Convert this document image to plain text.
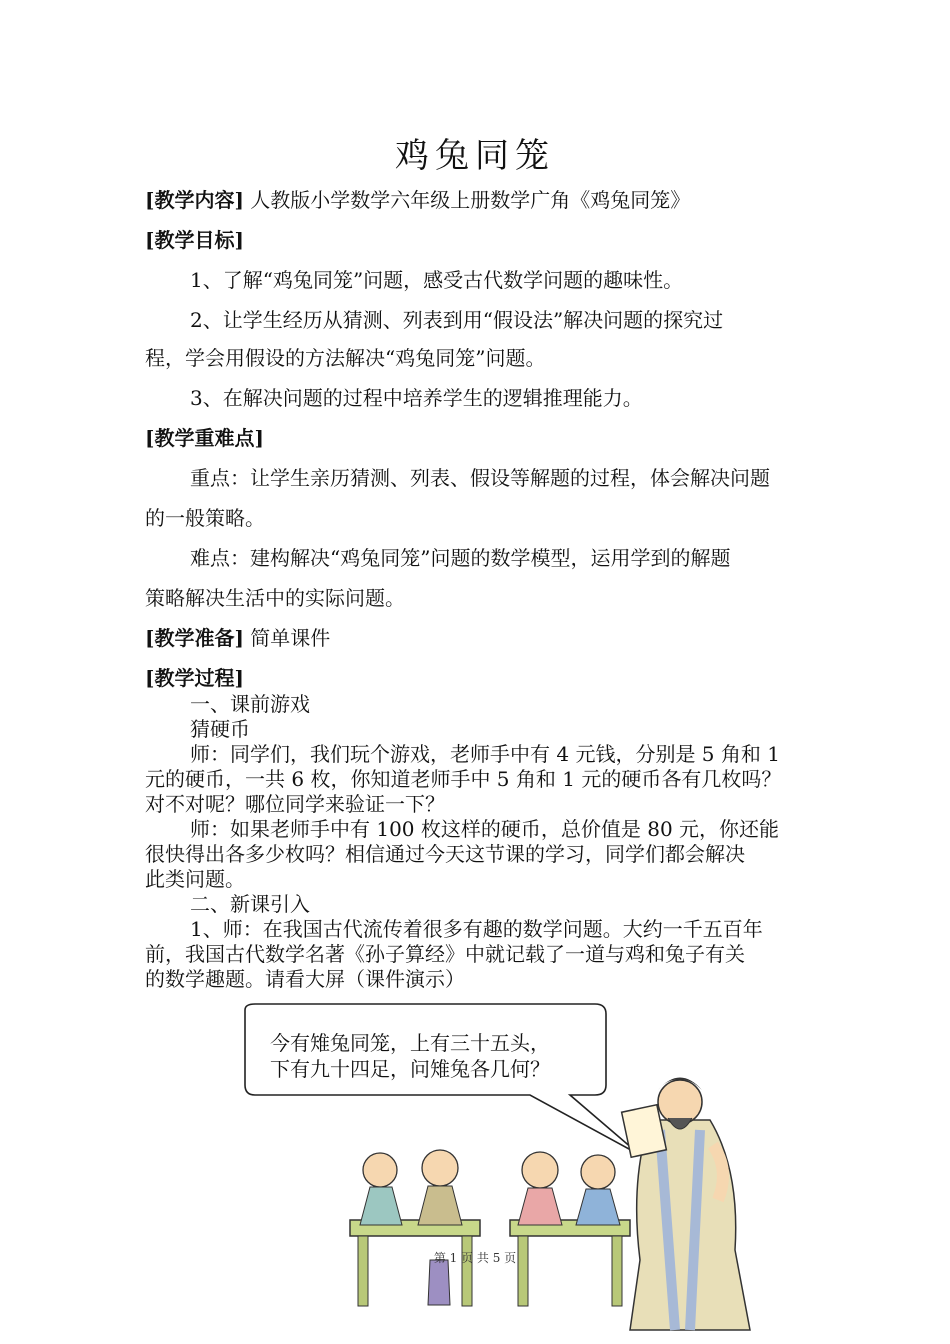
鸡兔同笼
[教学内容] 人教版小学数学六年级上册数学广角《鸡兔同笼》
[教学目标]
1、了解“鸡兔同笼”问题，感受古代数学问题的趣味性。
2、让学生经历从猜测、列表到用“假设法”解决问题的探究过
程，学会用假设的方法解决“鸡兔同笼”问题。
3、在解决问题的过程中培养学生的逻辑推理能力。
[教学重难点]
重点：让学生亲历猜测、列表、假设等解题的过程，体会解决问题
的一般策略。
难点：建构解决“鸡兔同笼”问题的数学模型，运用学到的解题
策略解决生活中的实际问题。
[教学准备] 简单课件
[教学过程]
一、课前游戏
猜硬币
师：同学们，我们玩个游戏，老师手中有 4 元钱，分别是 5 角和 1
元的硬币，一共 6 枚，你知道老师手中 5 角和 1 元的硬币各有几枚吗？
对不对呢？哪位同学来验证一下？
师：如果老师手中有 100 枚这样的硬币，总价值是 80 元，你还能
很快得出各多少枚吗？相信通过今天这节课的学习，同学们都会解决
此类问题。
二、新课引入
1、师：在我国古代流传着很多有趣的数学问题。大约一千五百年
前，我国古代数学名著《孙子算经》中就记载了一道与鸡和兔子有关
的数学趣题。请看大屏（课件演示）
今有雉兔同笼，上有三十五头，
下有九十四足，问雉兔各几何？
第 1 页 共 5 页
